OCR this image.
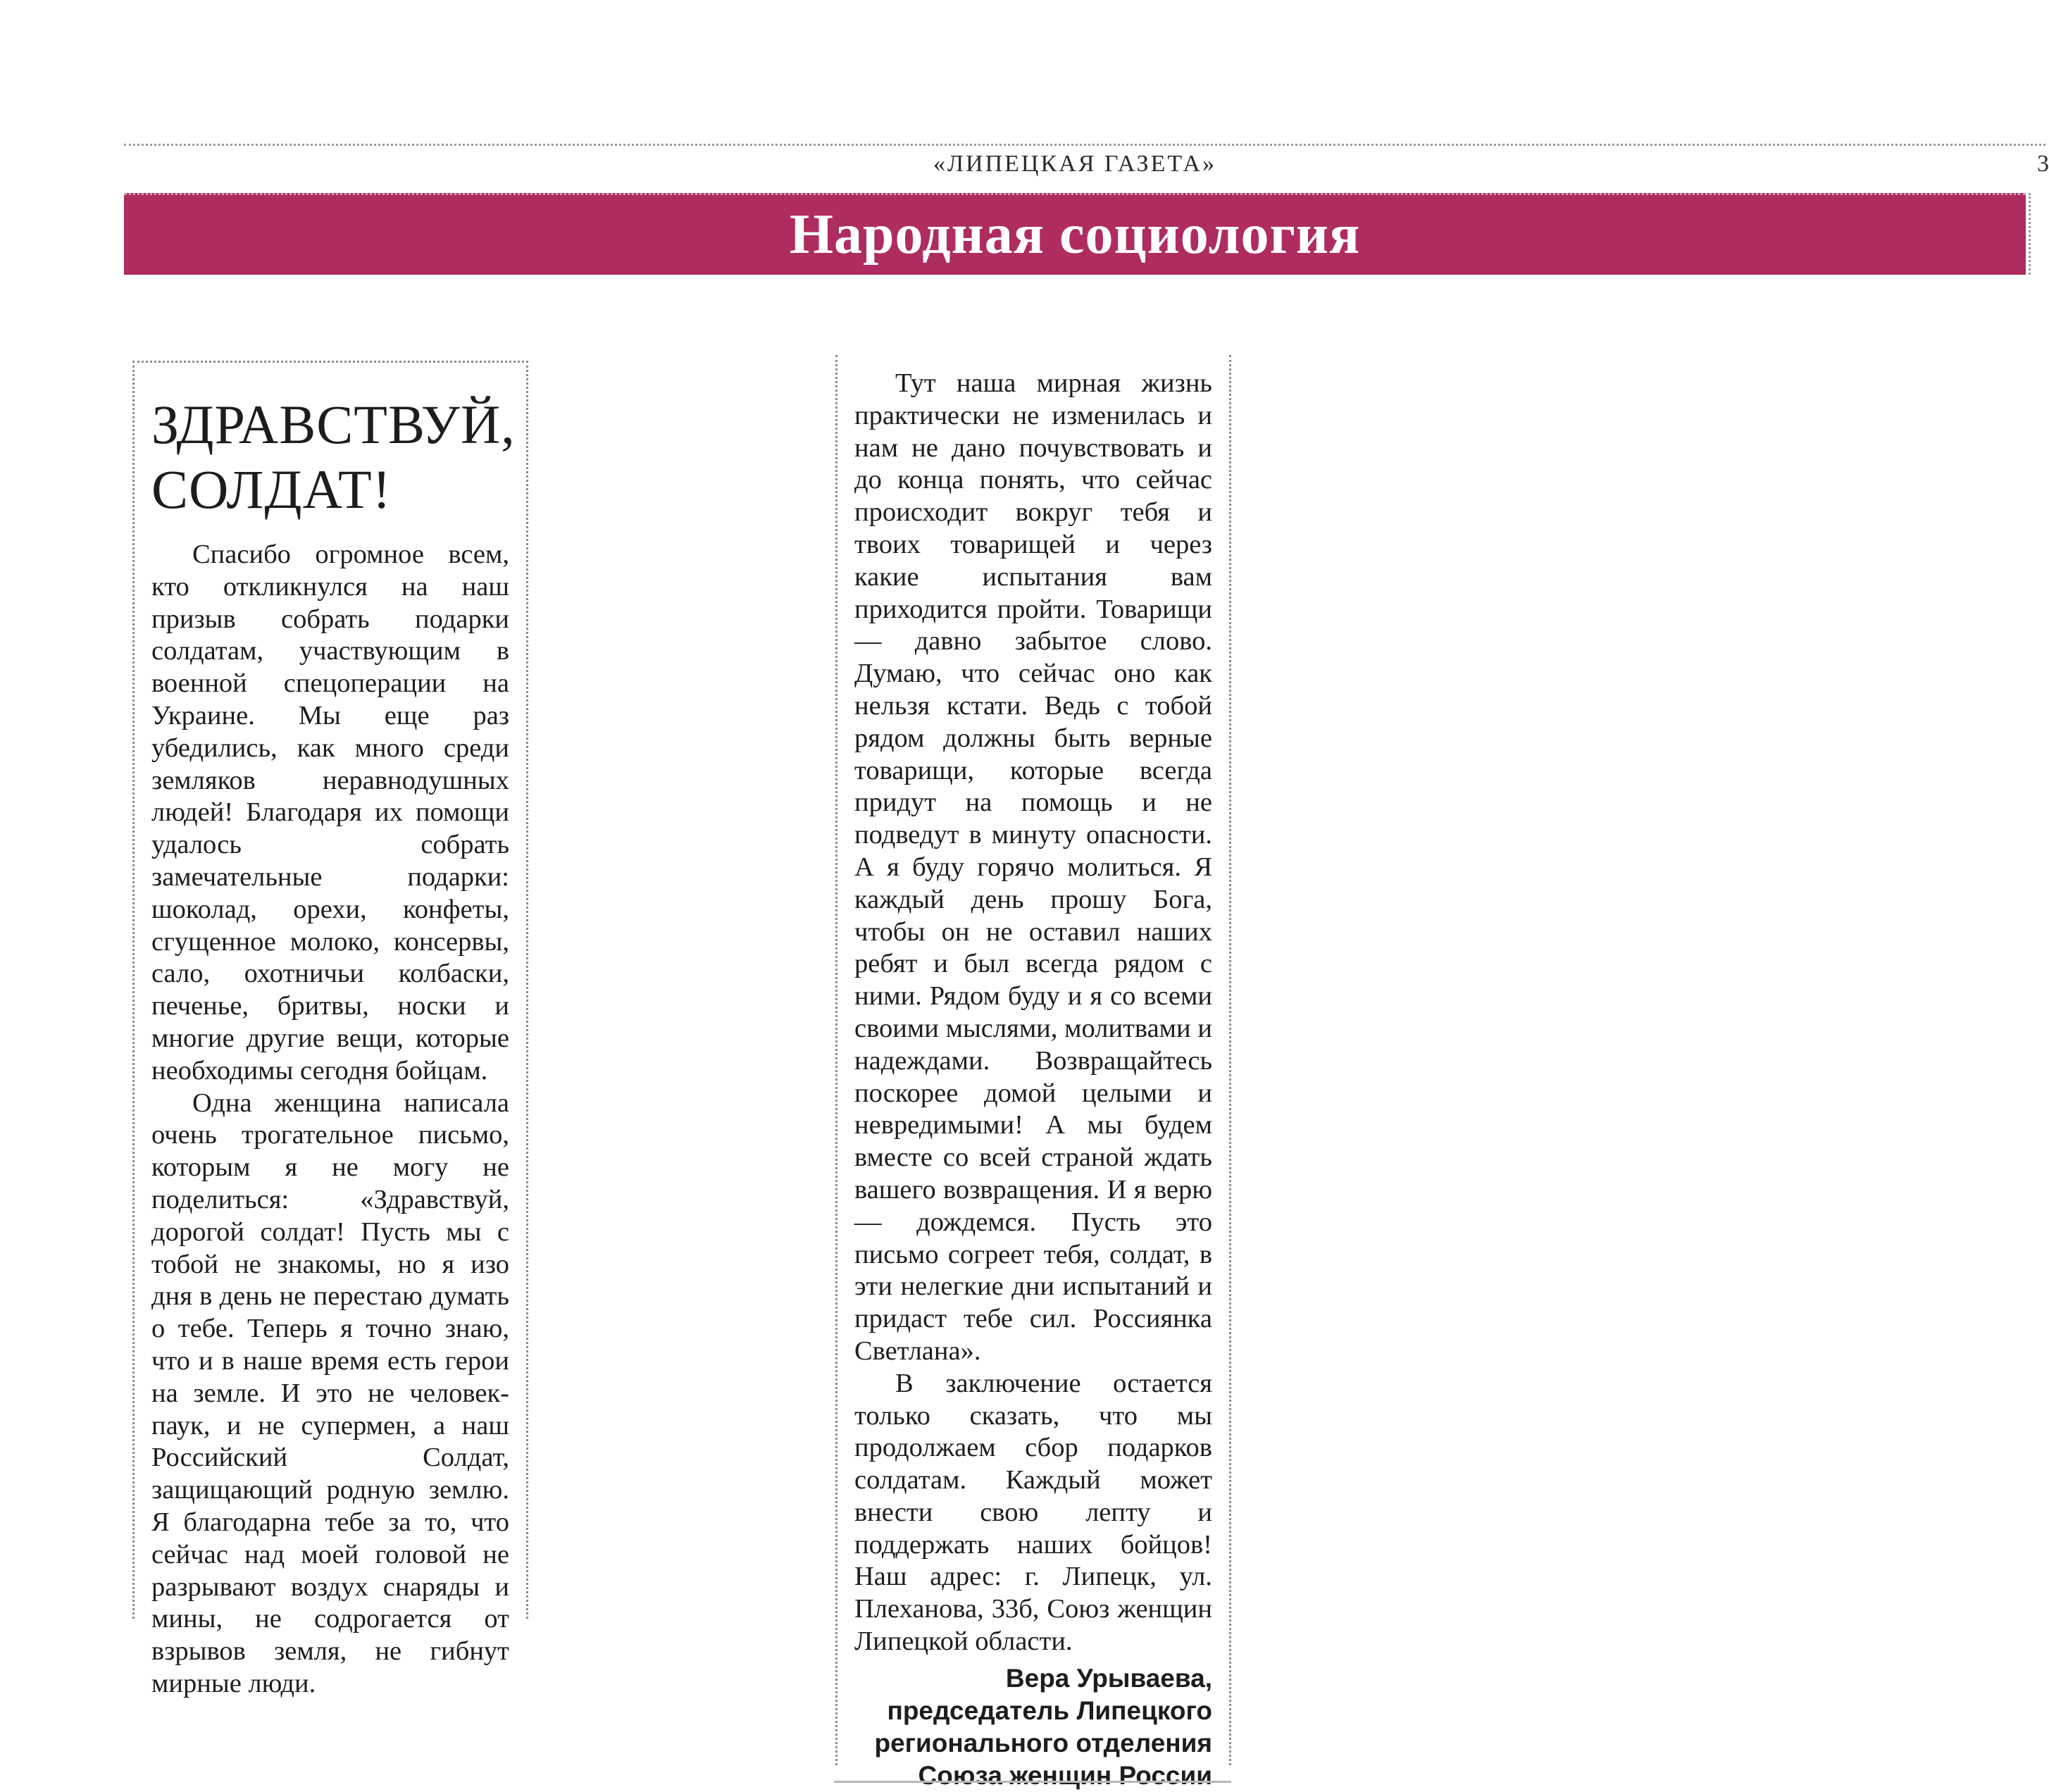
«ЛИПЕЦКАЯ ГАЗЕТА»	3
Народная социология
ЗДРАВСТВУЙ,
СОЛДАТ!

Спасибо огромное всем, кто откликнулся на наш призыв собрать подарки солдатам, участвующим в военной спецоперации на Украине. Мы еще раз убедились, как много среди земляков неравнодушных людей! Благодаря их помощи удалось собрать замечательные подарки: шоколад, орехи, конфеты, сгущенное молоко, консервы, сало, охотничьи колбаски, печенье, бритвы, носки и многие другие вещи, которые необходимы сегодня бойцам.

Одна женщина написала очень трогательное письмо, которым я не могу не поделиться: «Здравствуй, дорогой солдат! Пусть мы с тобой не знакомы, но я изо дня в день не перестаю думать о тебе. Теперь я точно знаю, что и в наше время есть герои на земле. И это не человек-паук, и не супермен, а наш Российский Солдат, защищающий родную землю. Я благодарна тебе за то, что сейчас над моей головой не разрывают воздух снаряды и мины, не содрогается от взрывов земля, не гибнут мирные люди.

Тут наша мирная жизнь практически не изменилась и нам не дано почувствовать и до конца понять, что сейчас происходит вокруг тебя и твоих товарищей и через какие испытания вам приходится пройти. Товарищи — давно забытое слово. Думаю, что сейчас оно как нельзя кстати. Ведь с тобой рядом должны быть верные товарищи, которые всегда придут на помощь и не подведут в минуту опасности. А я буду горячо молиться. Я каждый день прошу Бога, чтобы он не оставил наших ребят и был всегда рядом с ними. Рядом буду и я со всеми своими мыслями, молитвами и надеждами. Возвращайтесь поскорее домой целыми и невредимыми! А мы будем вместе со всей страной ждать вашего возвращения. И я верю — дождемся. Пусть это письмо согреет тебя, солдат, в эти нелегкие дни испытаний и придаст тебе сил. Россиянка Светлана».

В заключение остается только сказать, что мы продолжаем сбор подарков солдатам. Каждый может внести свою лепту и поддержать наших бойцов! Наш адрес: г. Липецк, ул. Плеханова, 33б, Союз женщин Липецкой области.

Вера Урываева,
председатель Липецкого
регионального отделения
Союза женщин России
